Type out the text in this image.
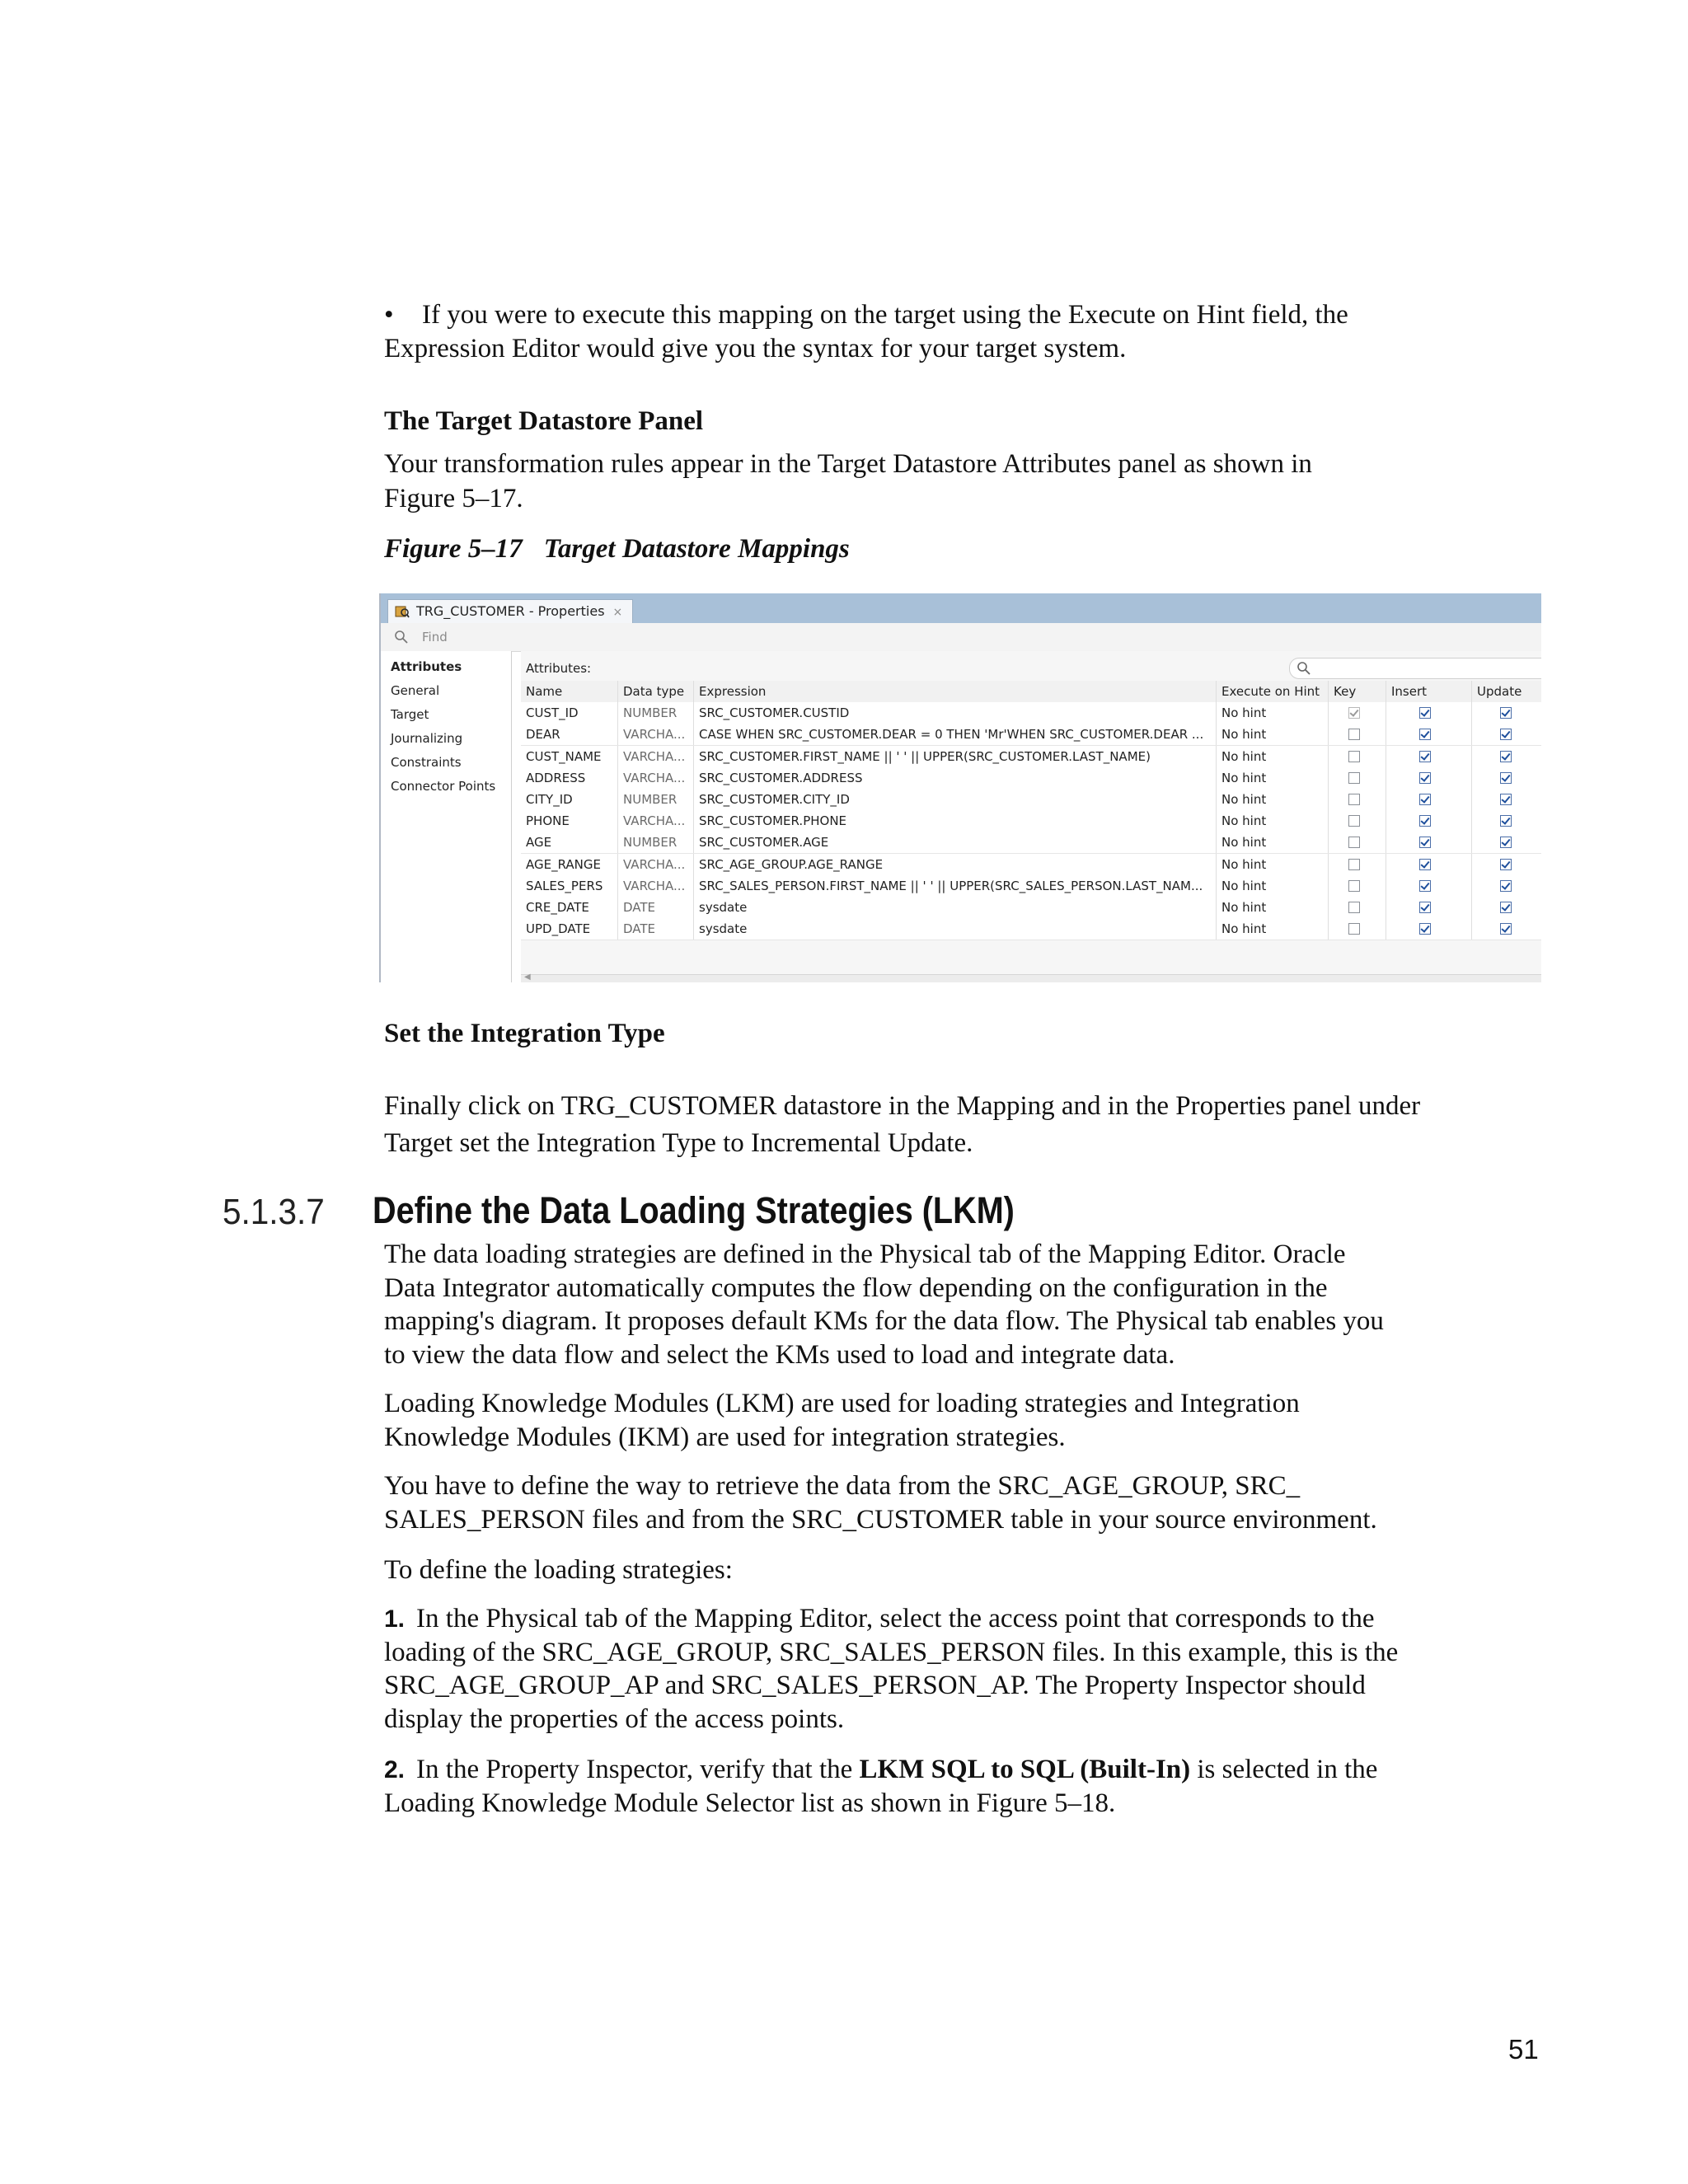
• If you were to execute this mapping on the target using the Execute on Hint field, the
Expression Editor would give you the syntax for your target system.
The Target Datastore Panel
Your transformation rules appear in the Target Datastore Attributes panel as shown in
Figure 5–17.
Figure 5–17 Target Datastore Mappings
TRG_CUSTOMER - Properties ×
Find
Attributes
General
Target
Journalizing
Constraints
Connector Points
Attributes:
Name	Data type	Expression	Execute on Hint	Key	Insert	Update
CUST_ID	NUMBER	SRC_CUSTOMER.CUSTID	No hint
DEAR	VARCHA...	CASE WHEN SRC_CUSTOMER.DEAR = 0 THEN 'Mr'WHEN SRC_CUSTOMER.DEAR ...	No hint
CUST_NAME	VARCHA...	SRC_CUSTOMER.FIRST_NAME || ' ' || UPPER(SRC_CUSTOMER.LAST_NAME)	No hint
ADDRESS	VARCHA...	SRC_CUSTOMER.ADDRESS	No hint
CITY_ID	NUMBER	SRC_CUSTOMER.CITY_ID	No hint
PHONE	VARCHA...	SRC_CUSTOMER.PHONE	No hint
AGE	NUMBER	SRC_CUSTOMER.AGE	No hint
AGE_RANGE	VARCHA...	SRC_AGE_GROUP.AGE_RANGE	No hint
SALES_PERS	VARCHA...	SRC_SALES_PERSON.FIRST_NAME || ' ' || UPPER(SRC_SALES_PERSON.LAST_NAM...	No hint
CRE_DATE	DATE	sysdate	No hint
UPD_DATE	DATE	sysdate	No hint
◀
Set the Integration Type
Finally click on TRG_CUSTOMER datastore in the Mapping and in the Properties panel under
Target set the Integration Type to Incremental Update.
5.1.3.7 Define the Data Loading Strategies (LKM)
The data loading strategies are defined in the Physical tab of the Mapping Editor. Oracle
Data Integrator automatically computes the flow depending on the configuration in the
mapping's diagram. It proposes default KMs for the data flow. The Physical tab enables you
to view the data flow and select the KMs used to load and integrate data.
Loading Knowledge Modules (LKM) are used for loading strategies and Integration
Knowledge Modules (IKM) are used for integration strategies.
You have to define the way to retrieve the data from the SRC_AGE_GROUP, SRC_
SALES_PERSON files and from the SRC_CUSTOMER table in your source environment.
To define the loading strategies:
1. In the Physical tab of the Mapping Editor, select the access point that corresponds to the
loading of the SRC_AGE_GROUP, SRC_SALES_PERSON files. In this example, this is the
SRC_AGE_GROUP_AP and SRC_SALES_PERSON_AP. The Property Inspector should
display the properties of the access points.
2. In the Property Inspector, verify that the LKM SQL to SQL (Built-In) is selected in the
Loading Knowledge Module Selector list as shown in Figure 5–18.
51
